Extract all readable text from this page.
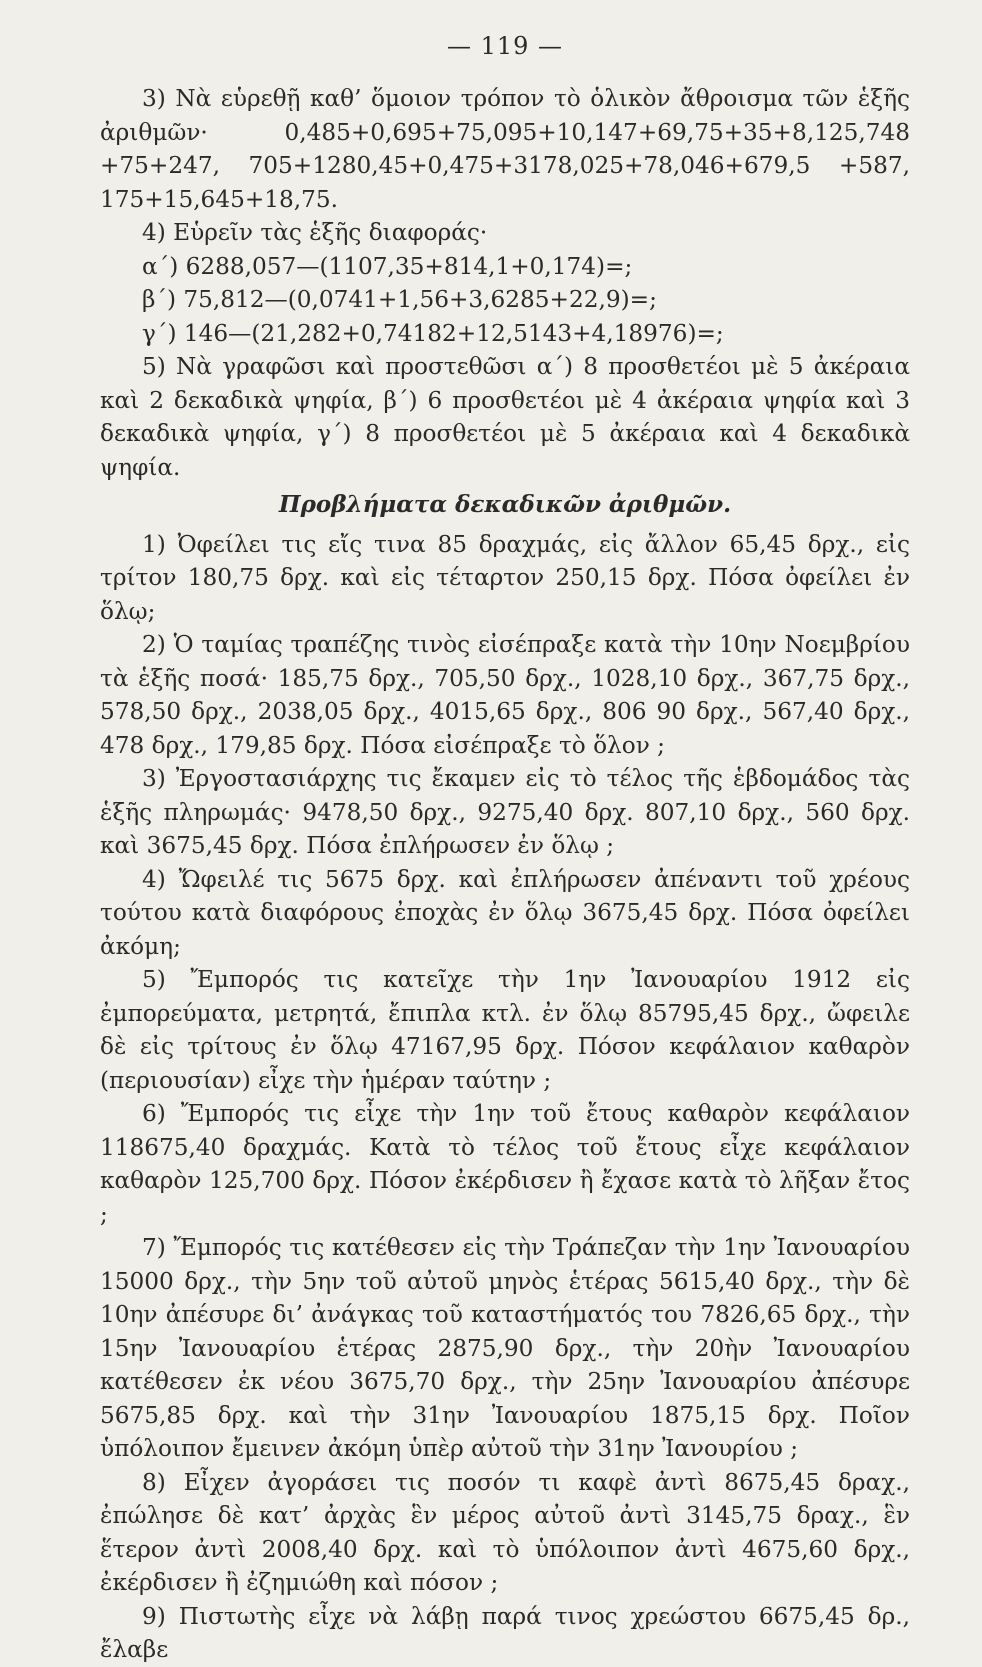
— 119 —

3) Νὰ εὑρεθῇ καθ’ ὅμοιον τρόπον τὸ ὁλικὸν ἄθροισμα τῶν ἑξῆς ἀριθμῶν· 0,485+0,695+75,095+10,147+69,75+35+8,125,748 +75+247, 705+1280,45+0,475+3178,025+78,046+679,5 +587, 175+15,645+18,75.

4) Εὑρεῖν τὰς ἑξῆς διαφοράς·

α΄) 6288,057—(1107,35+814,1+0,174)=;

β΄) 75,812—(0,0741+1,56+3,6285+22,9)=;

γ΄) 146—(21,282+0,74182+12,5143+4,18976)=;

5) Νὰ γραφῶσι καὶ προστεθῶσι α΄) 8 προσθετέοι μὲ 5 ἀκέραια καὶ 2 δεκαδικὰ ψηφία, β΄) 6 προσθετέοι μὲ 4 ἀκέραια ψηφία καὶ 3 δεκαδικὰ ψηφία, γ΄) 8 προσθετέοι μὲ 5 ἀκέραια καὶ 4 δεκαδικὰ ψηφία.

Προβλήματα δεκαδικῶν ἀριθμῶν.

1) Ὀφείλει τις εἴς τινα 85 δραχμάς, εἰς ἄλλον 65,45 δρχ., εἰς τρίτον 180,75 δρχ. καὶ εἰς τέταρτον 250,15 δρχ. Πόσα ὀφείλει ἐν ὅλῳ;

2) Ὁ ταμίας τραπέζης τινὸς εἰσέπραξε κατὰ τὴν 10ην Νοεμβρίου τὰ ἑξῆς ποσά· 185,75 δρχ., 705,50 δρχ., 1028,10 δρχ., 367,75 δρχ., 578,50 δρχ., 2038,05 δρχ., 4015,65 δρχ., 806 90 δρχ., 567,40 δρχ., 478 δρχ., 179,85 δρχ. Πόσα εἰσέπραξε τὸ ὅλον ;

3) Ἐργοστασιάρχης τις ἔκαμεν εἰς τὸ τέλος τῆς ἑβδομάδος τὰς ἑξῆς πληρωμάς· 9478,50 δρχ., 9275,40 δρχ. 807,10 δρχ., 560 δρχ. καὶ 3675,45 δρχ. Πόσα ἐπλήρωσεν ἐν ὅλῳ ;

4) Ὤφειλέ τις 5675 δρχ. καὶ ἐπλήρωσεν ἀπέναντι τοῦ χρέους τούτου κατὰ διαφόρους ἐποχὰς ἐν ὅλῳ 3675,45 δρχ. Πόσα ὀφείλει ἀκόμη;

5) Ἔμπορός τις κατεῖχε τὴν 1ην Ἰανουαρίου 1912 εἰς ἐμπορεύματα, μετρητά, ἔπιπλα κτλ. ἐν ὅλῳ 85795,45 δρχ., ὤφειλε δὲ εἰς τρίτους ἐν ὅλῳ 47167,95 δρχ. Πόσον κεφάλαιον καθαρὸν (περιουσίαν) εἶχε τὴν ἡμέραν ταύτην ;

6) Ἔμπορός τις εἶχε τὴν 1ην τοῦ ἔτους καθαρὸν κεφάλαιον 118675,40 δραχμάς. Κατὰ τὸ τέλος τοῦ ἔτους εἶχε κεφάλαιον καθαρὸν 125,700 δρχ. Πόσον ἐκέρδισεν ἢ ἔχασε κατὰ τὸ λῆξαν ἔτος ;

7) Ἔμπορός τις κατέθεσεν εἰς τὴν Τράπεζαν τὴν 1ην Ἰανουαρίου 15000 δρχ., τὴν 5ην τοῦ αὐτοῦ μηνὸς ἑτέρας 5615,40 δρχ., τὴν δὲ 10ην ἀπέσυρε δι’ ἀνάγκας τοῦ καταστήματός του 7826,65 δρχ., τὴν 15ην Ἰανουαρίου ἑτέρας 2875,90 δρχ., τὴν 20ὴν Ἰανουαρίου κατέθεσεν ἐκ νέου 3675,70 δρχ., τὴν 25ην Ἰανουαρίου ἀπέσυρε 5675,85 δρχ. καὶ τὴν 31ην Ἰανουαρίου 1875,15 δρχ. Ποῖον ὑπόλοιπον ἔμεινεν ἀκόμη ὑπὲρ αὐτοῦ τὴν 31ην Ἰανουρίου ;

8) Εἶχεν ἀγοράσει τις ποσόν τι καφὲ ἀντὶ 8675,45 δραχ., ἐπώλησε δὲ κατ’ ἀρχὰς ἓν μέρος αὐτοῦ ἀντὶ 3145,75 δραχ., ἓν ἕτερον ἀντὶ 2008,40 δρχ. καὶ τὸ ὑπόλοιπον ἀντὶ 4675,60 δρχ., ἐκέρδισεν ἢ ἐζημιώθη καὶ πόσον ;

9) Πιστωτὴς εἶχε νὰ λάβῃ παρά τινος χρεώστου 6675,45 δρ., ἔλαβε
